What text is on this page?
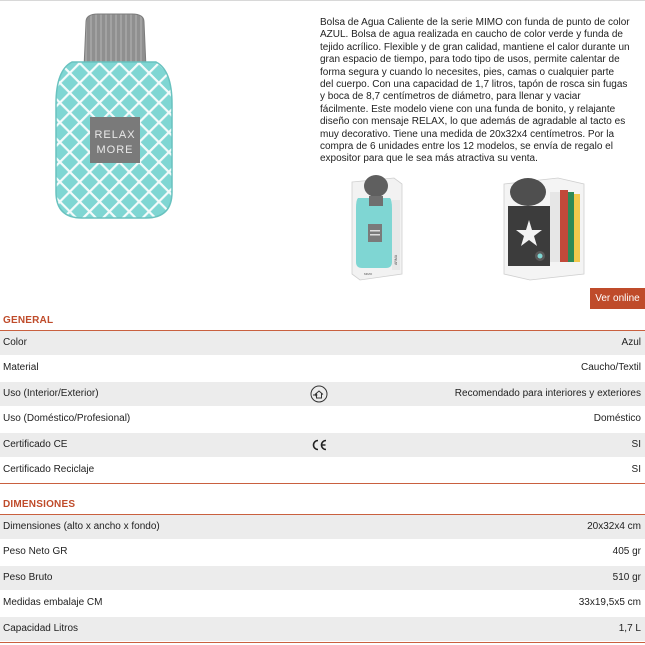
RELAX
MORE

Bolsa de Agua Caliente de la serie MIMO con funda de punto de color AZUL. Bolsa de agua realizada en caucho de color verde y funda de tejido acrílico. Flexible y de gran calidad, mantiene el calor durante un gran espacio de tiempo, para todo tipo de usos, permite calentar de forma segura y cuando lo necesites, pies, camas o cualquier parte del cuerpo. Con una capacidad de 1,7 litros, tapón de rosca sin fugas y boca de 8,7 centímetros de diámetro, para llenar y vaciar fácilmente. Este modelo viene con una funda de bonito, y relajante diseño con mensaje RELAX, lo que además de agradable al tacto es muy decorativo. Tiene una medida de 20x32x4 centímetros. Por la compra de 6 unidades entre los 12 modelos, se envía de regalo el expositor para que le sea más atractiva su venta.

ARMA
MIMO
Ver online
GENERAL
Color	Azul
Material	Caucho/Textil
Uso (Interior/Exterior)	Recomendado para interiores y exteriores
Uso (Doméstico/Profesional)	Doméstico
Certificado CE	SI
Certificado Reciclaje	SI
DIMENSIONES
Dimensiones (alto x ancho x fondo)	20x32x4 cm
Peso Neto GR	405 gr
Peso Bruto	510 gr
Medidas embalaje CM	33x19,5x5 cm
Capacidad Litros	1,7 L
